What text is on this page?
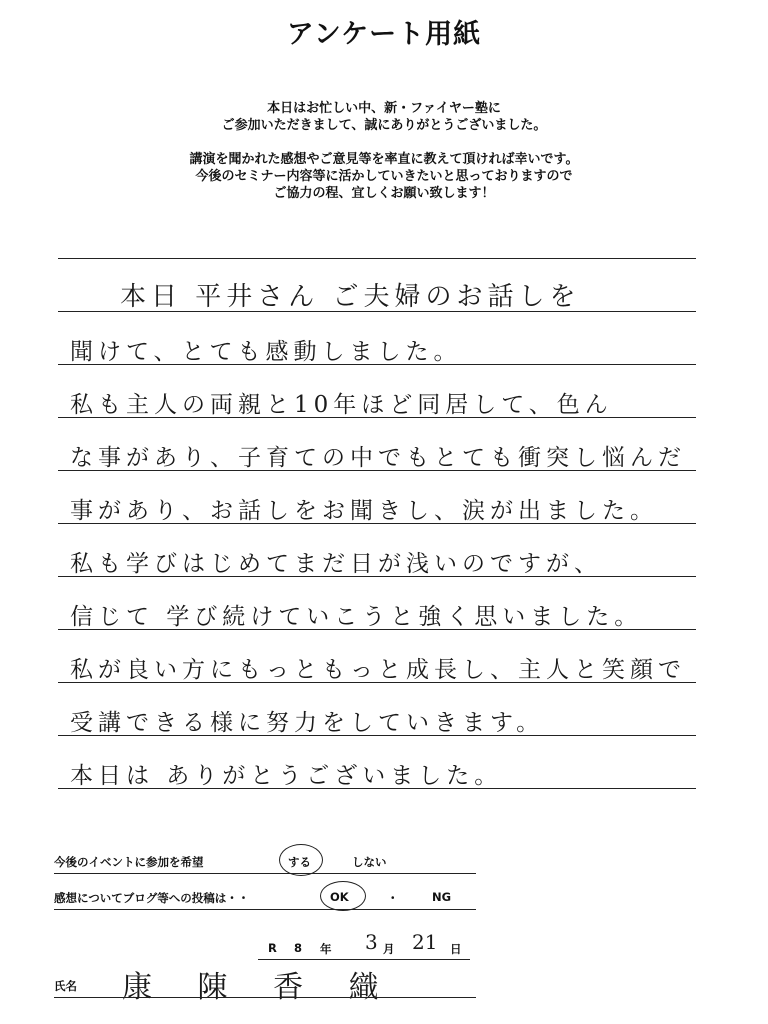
アンケート用紙

本日はお忙しい中、新・ファイヤー塾に

ご参加いただきまして、誠にありがとうございました。

講演を聞かれた感想やご意見等を率直に教えて頂ければ幸いです。

今後のセミナー内容等に活かしていきたいと思っておりますので

ご協力の程、宜しくお願い致します！

本日 平井さん ご夫婦のお話しを
聞けて、とても感動しました。
私も主人の両親と10年ほど同居して、色ん
な事があり、子育ての中でもとても衝突し悩んだ
事があり、お話しをお聞きし、涙が出ました。
私も学びはじめてまだ日が浅いのですが、
信じて 学び続けていこうと強く思いました。
私が良い方にもっともっと成長し、主人と笑顔で
受講できる様に努力をしていきます。
本日は ありがとうございました。
今後のイベントに参加を希望	する	しない
感想についてブログ等への投稿は・・	OK	・	NG
R 8 年 3 月 21 日
氏名 康 陳 香 織
